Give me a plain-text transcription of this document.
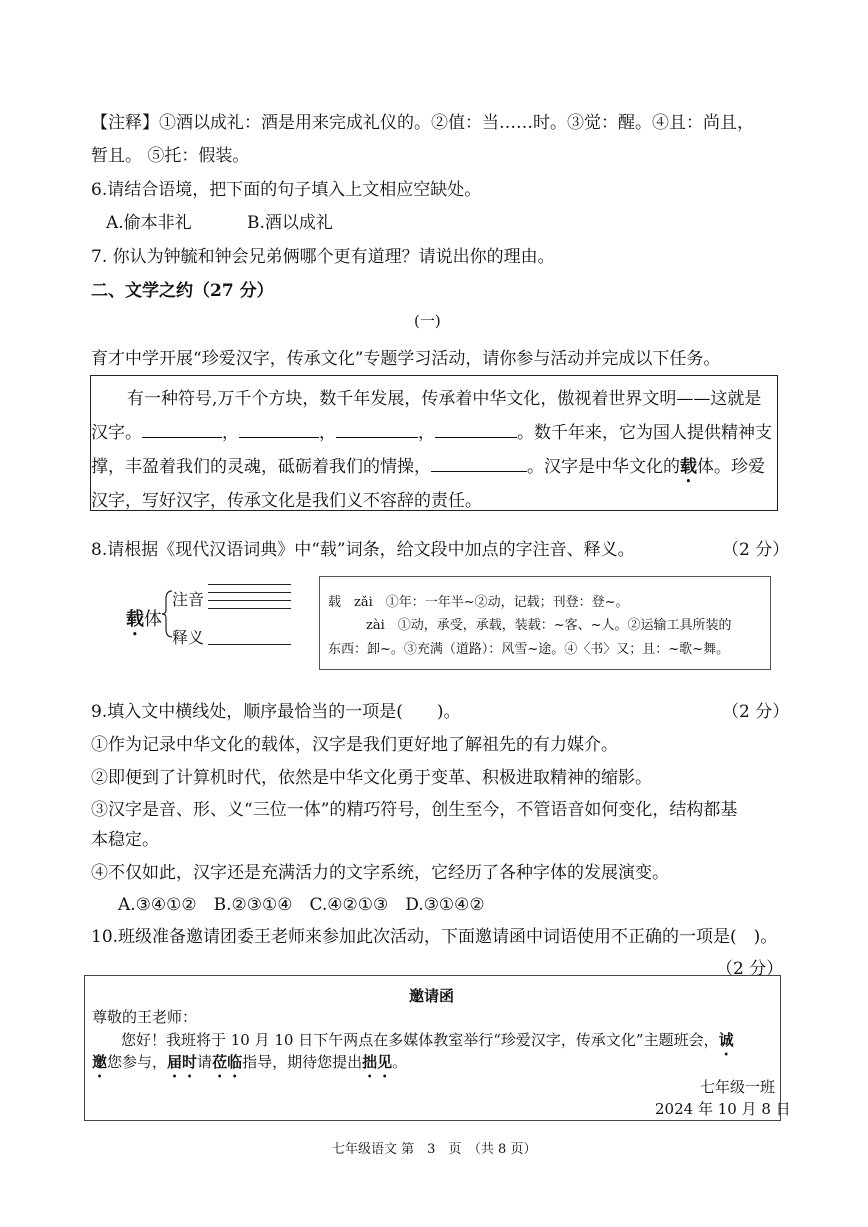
【注释】①酒以成礼：酒是用来完成礼仪的。②值：当……时。③觉：醒。④且：尚且，
暂且。 ⑤托：假装。
6.请结合语境，把下面的句子填入上文相应空缺处。
A.偷本非礼	B.酒以成礼
7. 你认为钟毓和钟会兄弟俩哪个更有道理？请说出你的理由。
二、文学之约（27 分）
(一)
育才中学开展“珍爱汉字，传承文化”专题学习活动，请你参与活动并完成以下任务。
有一种符号,万千个方块，数千年发展，传承着中华文化，傲视着世界文明——这就是
汉字。	，	，	，	。数千年来，它为国人提供精神支
撑，丰盈着我们的灵魂，砥砺着我们的情操，	。汉字是中华文化的载体。珍爱
汉字，写好汉字，传承文化是我们义不容辞的责任。
8.请根据《现代汉语词典》中“载”词条，给文段中加点的字注音、释义。	（2 分）
载体
注音
释义
载　zǎi　①年：一年半~②动，记载；刊登：登~。
zài　①动，承受，承载，装载：~客、~人。②运输工具所装的
东西：卸~。③充满（道路）：风雪~途。④〈书〉又；且：~歌~舞。
9.填入文中横线处，顺序最恰当的一项是(　　)。	（2 分）
①作为记录中华文化的载体，汉字是我们更好地了解祖先的有力媒介。
②即便到了计算机时代，依然是中华文化勇于变革、积极进取精神的缩影。
③汉字是音、形、义“三位一体”的精巧符号，创生至今，不管语音如何变化，结构都基
本稳定。
④不仅如此，汉字还是充满活力的文字系统，它经历了各种字体的发展演变。
A.③④①②　B.②③①④　C.④②①③　D.③①④②
10.班级准备邀请团委王老师来参加此次活动，下面邀请函中词语使用不正确的一项是(　)。
（2 分）
邀请函
尊敬的王老师：
您好！我班将于 10 月 10 日下午两点在多媒体教室举行“珍爱汉字，传承文化”主题班会，诚
邀您参与，届时请莅临指导，期待您提出拙见。
七年级一班
2024 年 10 月 8 日
七年级语文 第　3　页　（共 8 页）
